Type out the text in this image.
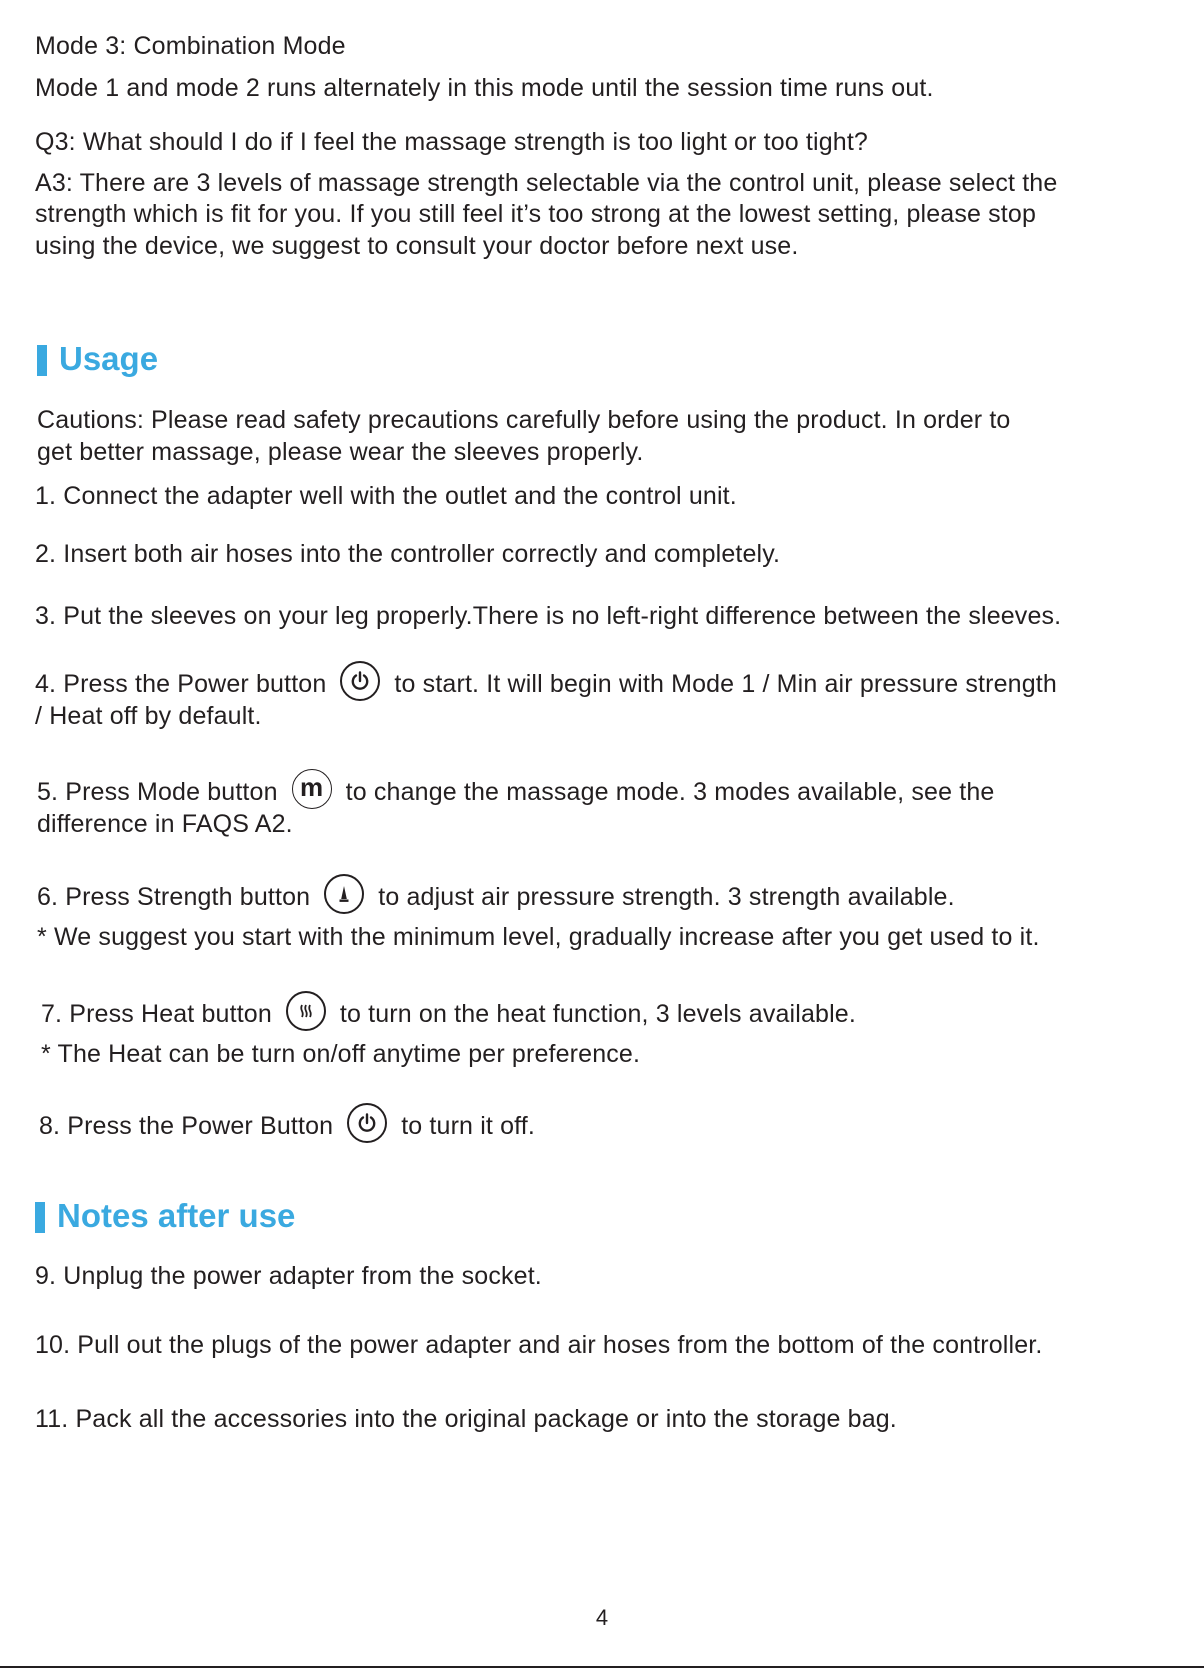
Mode 3: Combination Mode
Mode 1 and mode 2 runs alternately in this mode until the session time runs out.
Q3: What should I do if I feel the massage strength is too light or too tight?
A3: There are 3 levels of massage strength selectable via the control unit, please select the
strength which is fit for you. If you still feel it’s too strong at the lowest setting, please stop
using the device, we suggest to consult your doctor before next use.
Usage
Cautions: Please read safety precautions carefully before using the product. In order to
get better massage, please wear the sleeves properly.
1. Connect the adapter well with the outlet and the control unit.
2. Insert both air hoses into the controller correctly and completely.
3. Put the sleeves on your leg properly.There is no left-right difference between the sleeves.
4. Press the Power button	to start. It will begin with Mode 1 / Min air pressure strength
/ Heat off by default.
5. Press Mode button m to change the massage mode. 3 modes available, see the
difference in FAQS A2.
6. Press Strength button	to adjust air pressure strength. 3 strength available.
* We suggest you start with the minimum level, gradually increase after you get used to it.
7. Press Heat button	to turn on the heat function, 3 levels available.
* The Heat can be turn on/off anytime per preference.
8. Press the Power Button	to turn it off.
Notes after use
9. Unplug the power adapter from the socket.
10. Pull out the plugs of the power adapter and air hoses from the bottom of the controller.
11. Pack all the accessories into the original package or into the storage bag.
4
